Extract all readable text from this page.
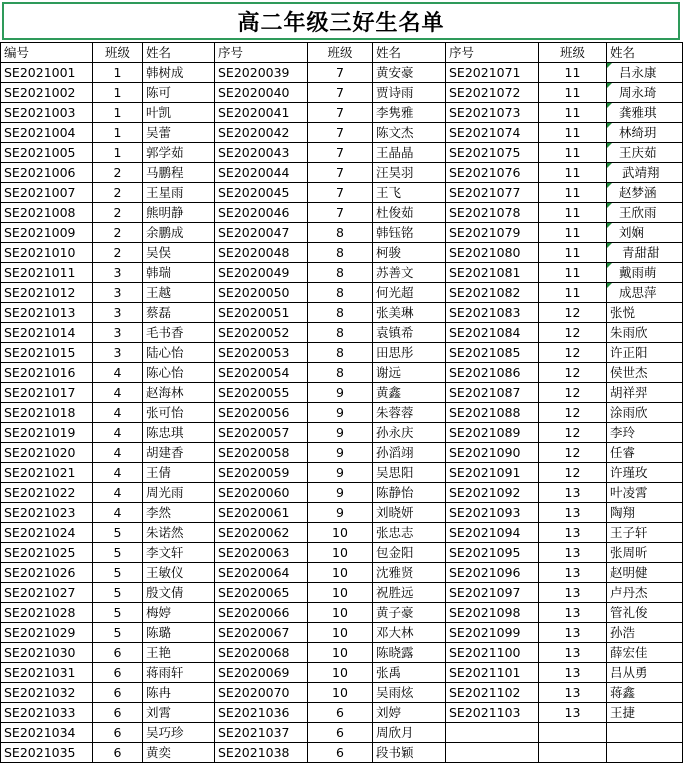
高二年级三好生名单
编号	班级	姓名	序号	班级	姓名	序号	班级	姓名
SE2021001	1	韩树成	SE2020039	7	黄安豪	SE2021071	11	吕永康

SE2021002	1	陈可	SE2020040	7	贾诗雨	SE2021072	11	周永琦

SE2021003	1	叶凯	SE2020041	7	李隽雅	SE2021073	11	龚雅琪

SE2021004	1	吴蕾	SE2020042	7	陈文杰	SE2021074	11	林绮玥

SE2021005	1	郭学茹	SE2020043	7	王晶晶	SE2021075	11	王庆茹

SE2021006	2	马鹏程	SE2020044	7	汪昊羽	SE2021076	11	武靖翔

SE2021007	2	王星雨	SE2020045	7	王飞	SE2021077	11	赵梦涵

SE2021008	2	熊明静	SE2020046	7	杜俊茹	SE2021078	11	王欣雨

SE2021009	2	余鹏成	SE2020047	8	韩钰铭	SE2021079	11	刘娴

SE2021010	2	吴俣	SE2020048	8	柯骏	SE2021080	11	青甜甜

SE2021011	3	韩瑞	SE2020049	8	苏善文	SE2021081	11	戴雨萌

SE2021012	3	王越	SE2020050	8	何光超	SE2021082	11	成思萍

SE2021013	3	蔡磊	SE2020051	8	张美琳	SE2021083	12	张悦
SE2021014	3	毛书香	SE2020052	8	袁镇希	SE2021084	12	朱雨欣
SE2021015	3	陆心怡	SE2020053	8	田思彤	SE2021085	12	许正阳
SE2021016	4	陈心怡	SE2020054	8	谢远	SE2021086	12	侯世杰
SE2021017	4	赵海林	SE2020055	9	黄鑫	SE2021087	12	胡祥羿
SE2021018	4	张可怡	SE2020056	9	朱蓉蓉	SE2021088	12	涂雨欣
SE2021019	4	陈忠琪	SE2020057	9	孙永庆	SE2021089	12	李玲
SE2021020	4	胡建香	SE2020058	9	孙滔翊	SE2021090	12	任睿
SE2021021	4	王倩	SE2020059	9	吴思阳	SE2021091	12	许瑾玫
SE2021022	4	周光雨	SE2020060	9	陈静怡	SE2021092	13	叶凌霄
SE2021023	4	李然	SE2020061	9	刘晓妍	SE2021093	13	陶翔
SE2021024	5	朱诺然	SE2020062	10	张忠志	SE2021094	13	王子轩
SE2021025	5	李文轩	SE2020063	10	包金阳	SE2021095	13	张周昕
SE2021026	5	王敏仪	SE2020064	10	沈雅贤	SE2021096	13	赵明健
SE2021027	5	殷文倩	SE2020065	10	祝胜远	SE2021097	13	卢丹杰
SE2021028	5	梅婷	SE2020066	10	黄子豪	SE2021098	13	管礼俊
SE2021029	5	陈璐	SE2020067	10	邓大林	SE2021099	13	孙浩
SE2021030	6	王艳	SE2020068	10	陈晓露	SE2021100	13	薛宏佳
SE2021031	6	蒋雨轩	SE2020069	10	张禹	SE2021101	13	吕从勇
SE2021032	6	陈冉	SE2020070	10	吴雨炫	SE2021102	13	蒋鑫
SE2021033	6	刘霄	SE2021036	6	刘婷	SE2021103	13	王捷
SE2021034	6	吴巧珍	SE2021037	6	周欣月			
SE2021035	6	黄奕	SE2021038	6	段书颖			
